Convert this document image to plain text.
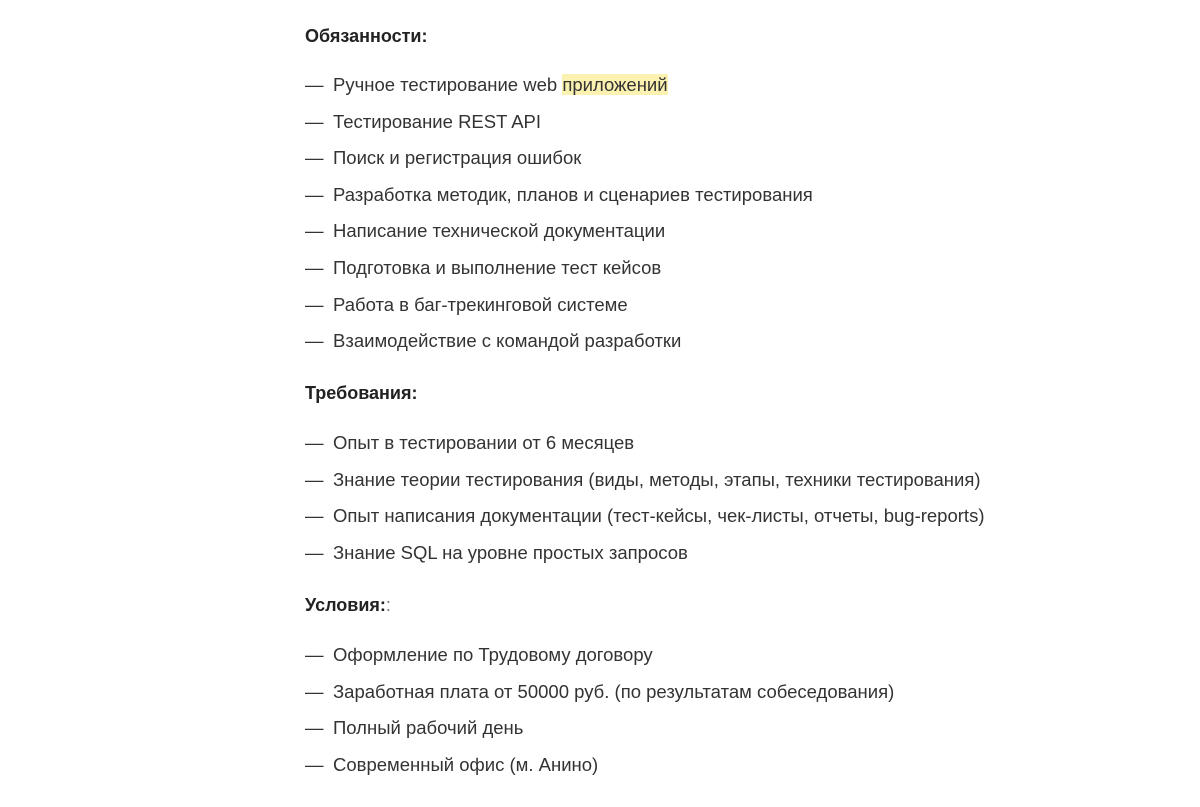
Обязанности:
— Ручное тестирование web приложений
— Тестирование REST API
— Поиск и регистрация ошибок
— Разработка методик, планов и сценариев тестирования
— Написание технической документации
— Подготовка и выполнение тест кейсов
— Работа в баг-трекинговой системе
— Взаимодействие с командой разработки
Требования:
— Опыт в тестировании от 6 месяцев
— Знание теории тестирования (виды, методы, этапы, техники тестирования)
— Опыт написания документации (тест-кейсы, чек-листы, отчеты, bug-reports)
— Знание SQL на уровне простых запросов
Условия::
— Оформление по Трудовому договору
— Заработная плата от 50000 руб. (по результатам собеседования)
— Полный рабочий день
— Современный офис (м. Анино)
